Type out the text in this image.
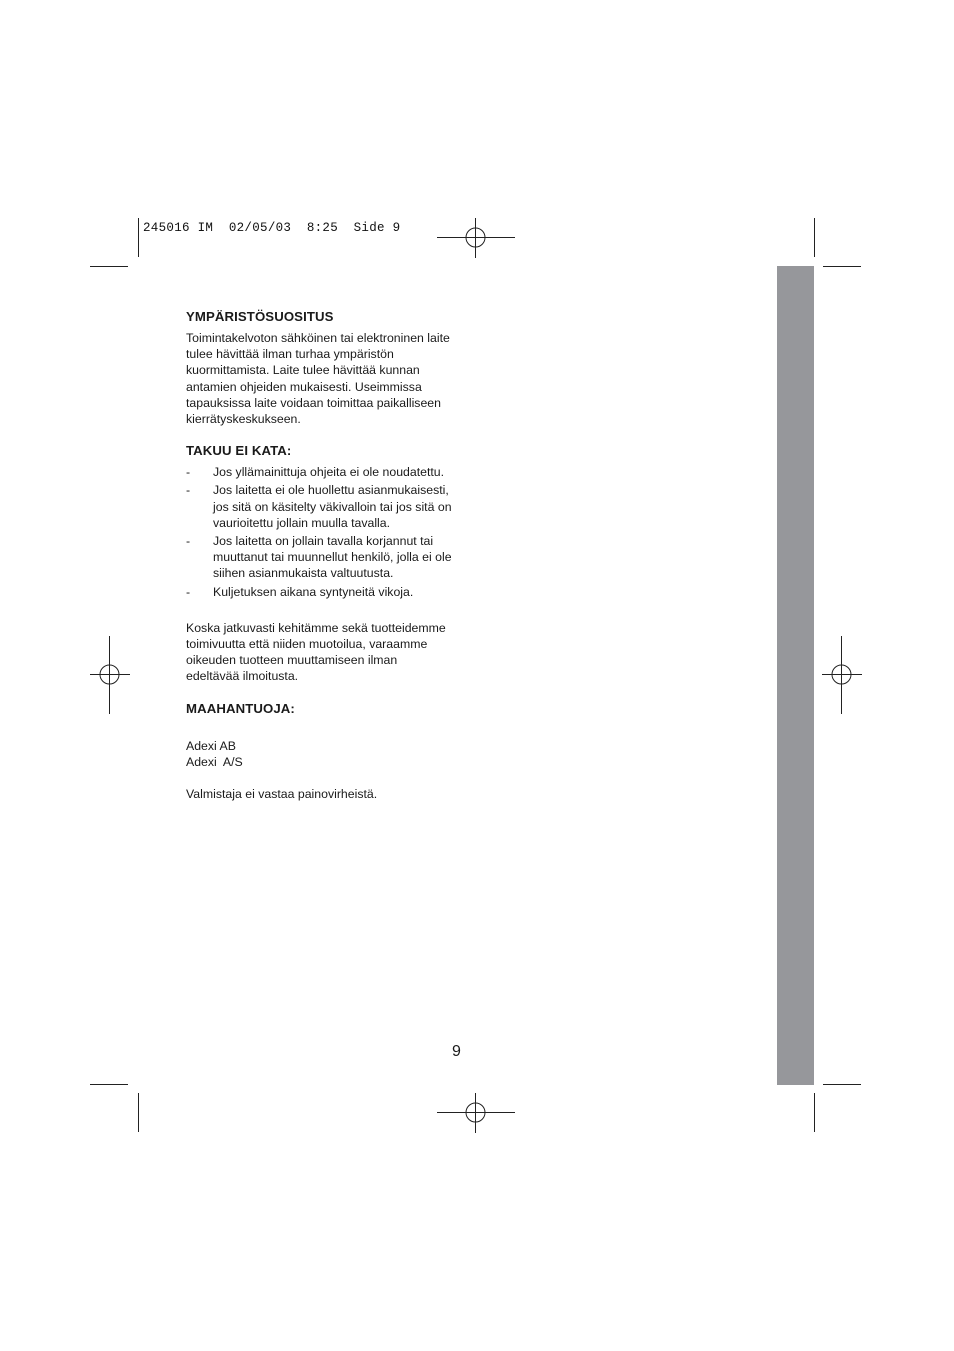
245016 IM  02/05/03  8:25  Side 9
YMPÄRISTÖSUOSITUS

Toimintakelvoton sähköinen tai elektroninen laite
tulee hävittää ilman turhaa ympäristön
kuormittamista. Laite tulee hävittää kunnan
antamien ohjeiden mukaisesti. Useimmissa
tapauksissa laite voidaan toimittaa paikalliseen
kierrätyskeskukseen.

TAKUU EI KATA:
- Jos yllämainittuja ohjeita ei ole noudatettu.
- Jos laitetta ei ole huollettu asianmukaisesti,
jos sitä on käsitelty väkivalloin tai jos sitä on
vaurioitettu jollain muulla tavalla.
- Jos laitetta on jollain tavalla korjannut tai
muuttanut tai muunnellut henkilö, jolla ei ole
siihen asianmukaista valtuutusta.
- Kuljetuksen aikana syntyneitä vikoja.

Koska jatkuvasti kehitämme sekä tuotteidemme
toimivuutta että niiden muotoilua, varaamme
oikeuden tuotteen muuttamiseen ilman
edeltävää ilmoitusta.

MAAHANTUOJA:

Adexi AB
Adexi  A/S

Valmistaja ei vastaa painovirheistä.

9
